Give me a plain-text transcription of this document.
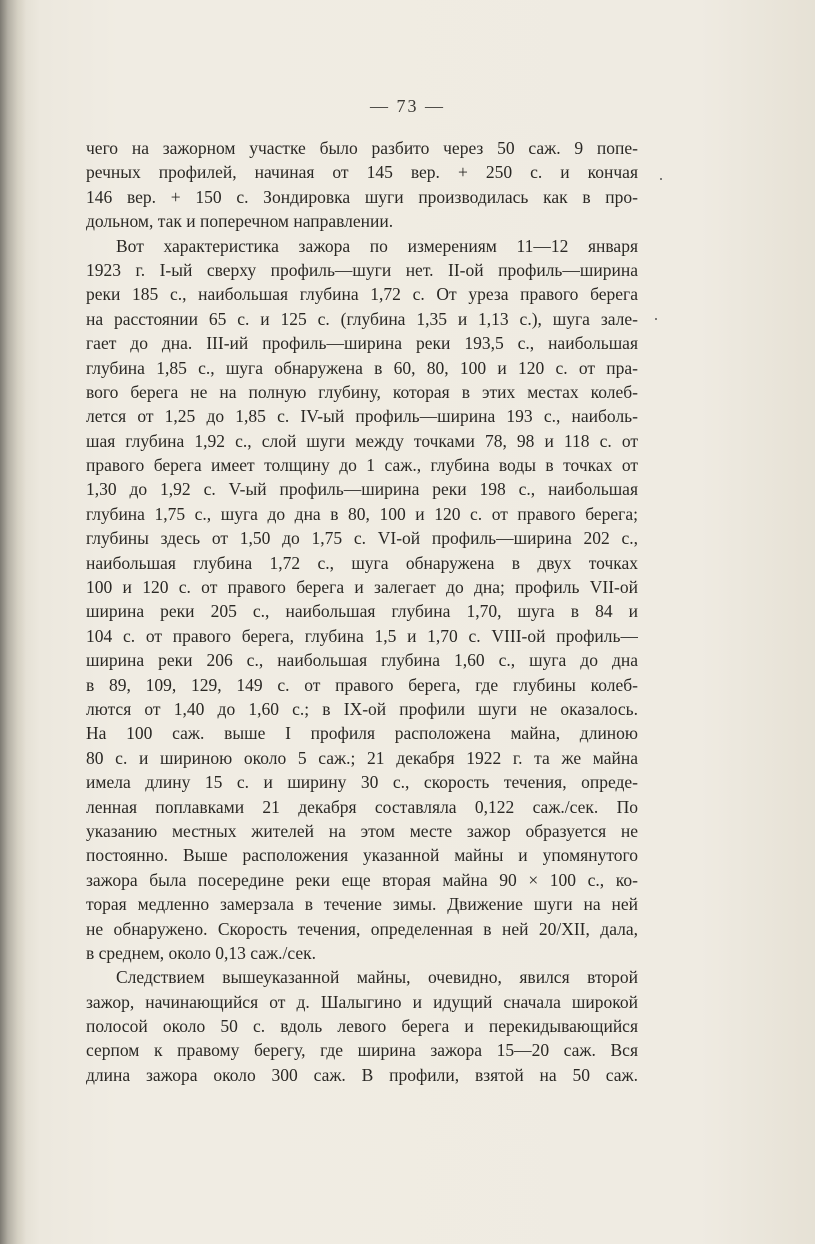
— 73 —
чего на зажорном участке было разбито через 50 саж. 9 попе-
речных профилей, начиная от 145 вер. + 250 с. и кончая
146 вер. + 150 с. Зондировка шуги производилась как в про-
дольном, так и поперечном направлении.
Вот характеристика зажора по измерениям 11—12 января
1923 г. I-ый сверху профиль—шуги нет. II-ой профиль—ширина
реки 185 с., наибольшая глубина 1,72 с. От уреза правого берега
на расстоянии 65 с. и 125 с. (глубина 1,35 и 1,13 с.), шуга зале-
гает до дна. III-ий профиль—ширина реки 193,5 с., наибольшая
глубина 1,85 с., шуга обнаружена в 60, 80, 100 и 120 с. от пра-
вого берега не на полную глубину, которая в этих местах колеб-
лется от 1,25 до 1,85 с. IV-ый профиль—ширина 193 с., наиболь-
шая глубина 1,92 с., слой шуги между точками 78, 98 и 118 с. от
правого берега имеет толщину до 1 саж., глубина воды в точках от
1,30 до 1,92 с. V-ый профиль—ширина реки 198 с., наибольшая
глубина 1,75 с., шуга до дна в 80, 100 и 120 с. от правого берега;
глубины здесь от 1,50 до 1,75 с. VI-ой профиль—ширина 202 с.,
наибольшая глубина 1,72 с., шуга обнаружена в двух точках
100 и 120 с. от правого берега и залегает до дна; профиль VII-ой
ширина реки 205 с., наибольшая глубина 1,70, шуга в 84 и
104 с. от правого берега, глубина 1,5 и 1,70 с. VIII-ой профиль—
ширина реки 206 с., наибольшая глубина 1,60 с., шуга до дна
в 89, 109, 129, 149 с. от правого берега, где глубины колеб-
лются от 1,40 до 1,60 с.; в IX-ой профили шуги не оказалось.
На 100 саж. выше I профиля расположена майна, длиною
80 с. и шириною около 5 саж.; 21 декабря 1922 г. та же майна
имела длину 15 с. и ширину 30 с., скорость течения, опреде-
ленная поплавками 21 декабря составляла 0,122 саж./сек. По
указанию местных жителей на этом месте зажор образуется не
постоянно. Выше расположения указанной майны и упомянутого
зажора была посередине реки еще вторая майна 90 × 100 с., ко-
торая медленно замерзала в течение зимы. Движение шуги на ней
не обнаружено. Скорость течения, определенная в ней 20/XII, дала,
в среднем, около 0,13 саж./сек.
Следствием вышеуказанной майны, очевидно, явился второй
зажор, начинающийся от д. Шалыгино и идущий сначала широкой
полосой около 50 с. вдоль левого берега и перекидывающийся
серпом к правому берегу, где ширина зажора 15—20 саж. Вся
длина зажора около 300 саж. В профили, взятой на 50 саж.
